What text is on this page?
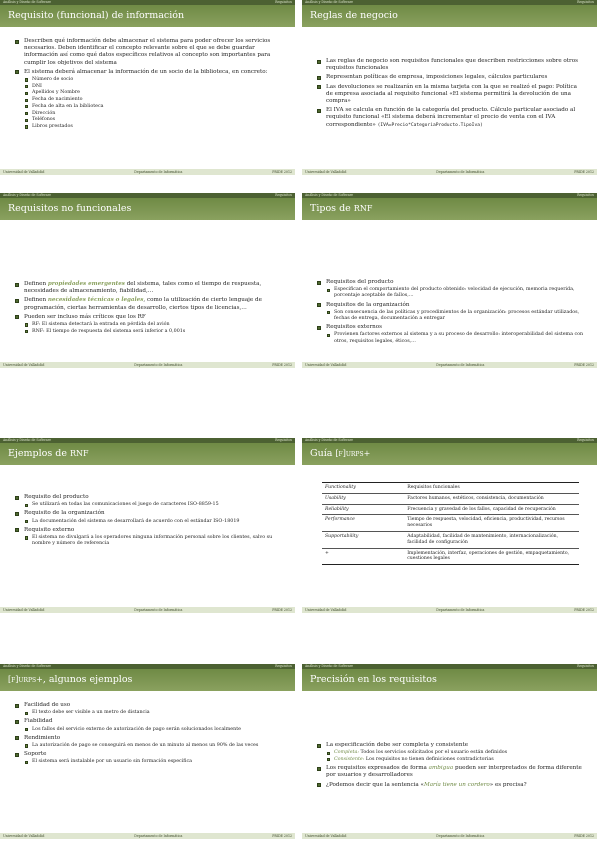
Análisis y Diseño de Software	Requisitos
Requisito (funcional) de información
Describen qué información debe almacenar el sistema para poder ofrecer los servicios necesarios. Deben identificar el concepto relevante sobre el que se debe guardar información así como qué datos específicos relativos al concepto son importantes para cumplir los objetivos del sistema
El sistema deberá almacenar la información de un socio de la biblioteca, en concreto:
Número de socio
DNI
Apellidos y Nombre
Fecha de nacimiento
Fecha de alta en la biblioteca
Dirección
Teléfonos
Libros prestados
Universidad de Valladolid	Departamento de Informática	PRIDE 2012
Análisis y Diseño de Software	Requisitos
Reglas de negocio
Las reglas de negocio son requisitos funcionales que describen restricciones sobre otros requisitos funcionales
Representan políticas de empresa, imposiciones legales, cálculos particulares
Las devoluciones se realizarán en la misma tarjeta con la que se realizó el pago: Política de empresa asociada al requisito funcional «El sistema permitirá la devolución de una compra»
El IVA se calcula en función de la categoría del producto. Cálculo particular asociado al requisito funcional «El sistema deberá incrementar el precio de venta con el IVA correspondiente» (IVA=Precio*CategoriaProducto.TipoIva)
Universidad de Valladolid	Departamento de Informática	PRIDE 2012
Análisis y Diseño de Software	Requisitos
Requisitos no funcionales
Definen propiedades emergentes del sistema, tales como el tiempo de respuesta, necesidades de almacenamiento, fiabilidad,…
Definen necesidades técnicas o legales, como la utilización de cierto lenguaje de programación, ciertas herramientas de desarrollo, ciertos tipos de licencias,…
Pueden ser incluso más críticos que los RF
RF: El sistema detectará la entrada en pérdida del avión
RNF: El tiempo de respuesta del sistema será inferior a 0,001s
Universidad de Valladolid	Departamento de Informática	PRIDE 2012
Análisis y Diseño de Software	Requisitos
Tipos de RNF
Requisitos del producto
Especifican el comportamiento del producto obtenido: velocidad de ejecución, memoria requerida, porcentaje aceptable de fallos,…
Requisitos de la organización
Son consecuencia de las políticas y procedimientos de la organización: procesos estándar utilizados, fechas de entrega, documentación a entregar
Requisitos externos
Provienen factores externos al sistema y a su proceso de desarrollo: interoperabilidad del sistema con otros, requisitos legales, éticos,…
Universidad de Valladolid	Departamento de Informática	PRIDE 2012
Análisis y Diseño de Software	Requisitos
Ejemplos de RNF
Requisito del producto
Se utilizará en todas las comunicaciones el juego de caracteres ISO-8859-15
Requisito de la organización
La documentación del sistema se desarrollará de acuerdo con el estándar ISO-18019
Requisito externo
El sistema no divulgará a los operadores ninguna información personal sobre los clientes, salvo su nombre y número de referencia
Universidad de Valladolid	Departamento de Informática	PRIDE 2012
Análisis y Diseño de Software	Requisitos
Guía [f]urps+
Functionality	Requisitos funcionales
Usability	Factores humanos, estéticos, consistencia, documentación
Reliability	Frecuencia y gravedad de los fallos, capacidad de recuperación
Performance	Tiempo de respuesta, velocidad, eficiencia, productividad, recursos necesarios
Supportability	Adaptabilidad, facilidad de mantenimiento, internacionalización, facilidad de configuración
+	Implementación, interfaz, operaciones de gestión, empaquetamiento, cuestiones legales
Universidad de Valladolid	Departamento de Informática	PRIDE 2012
Análisis y Diseño de Software	Requisitos
[f]urps+, algunos ejemplos
Facilidad de uso
El texto debe ser visible a un metro de distancia
Fiabilidad
Los fallos del servicio externo de autorización de pago serán solucionados localmente
Rendimiento
La autorización de pago se conseguirá en menos de un minuto al menos un 90% de las veces
Soporte
El sistema será instalable por un usuario sin formación específica
Universidad de Valladolid	Departamento de Informática	PRIDE 2012
Análisis y Diseño de Software	Requisitos
Precisión en los requisitos
La especificación debe ser completa y consistente
Completa: Todos los servicios solicitados por el usuario están definidos
Consistente: Los requisitos no tienen definiciones contradictorias
Los requisitos expresados de forma ambigua pueden ser interpretados de forma diferente por usuarios y desarrolladores
¿Podemos decir que la sentencia «María tiene un cordero» es precisa?
Universidad de Valladolid	Departamento de Informática	PRIDE 2012
